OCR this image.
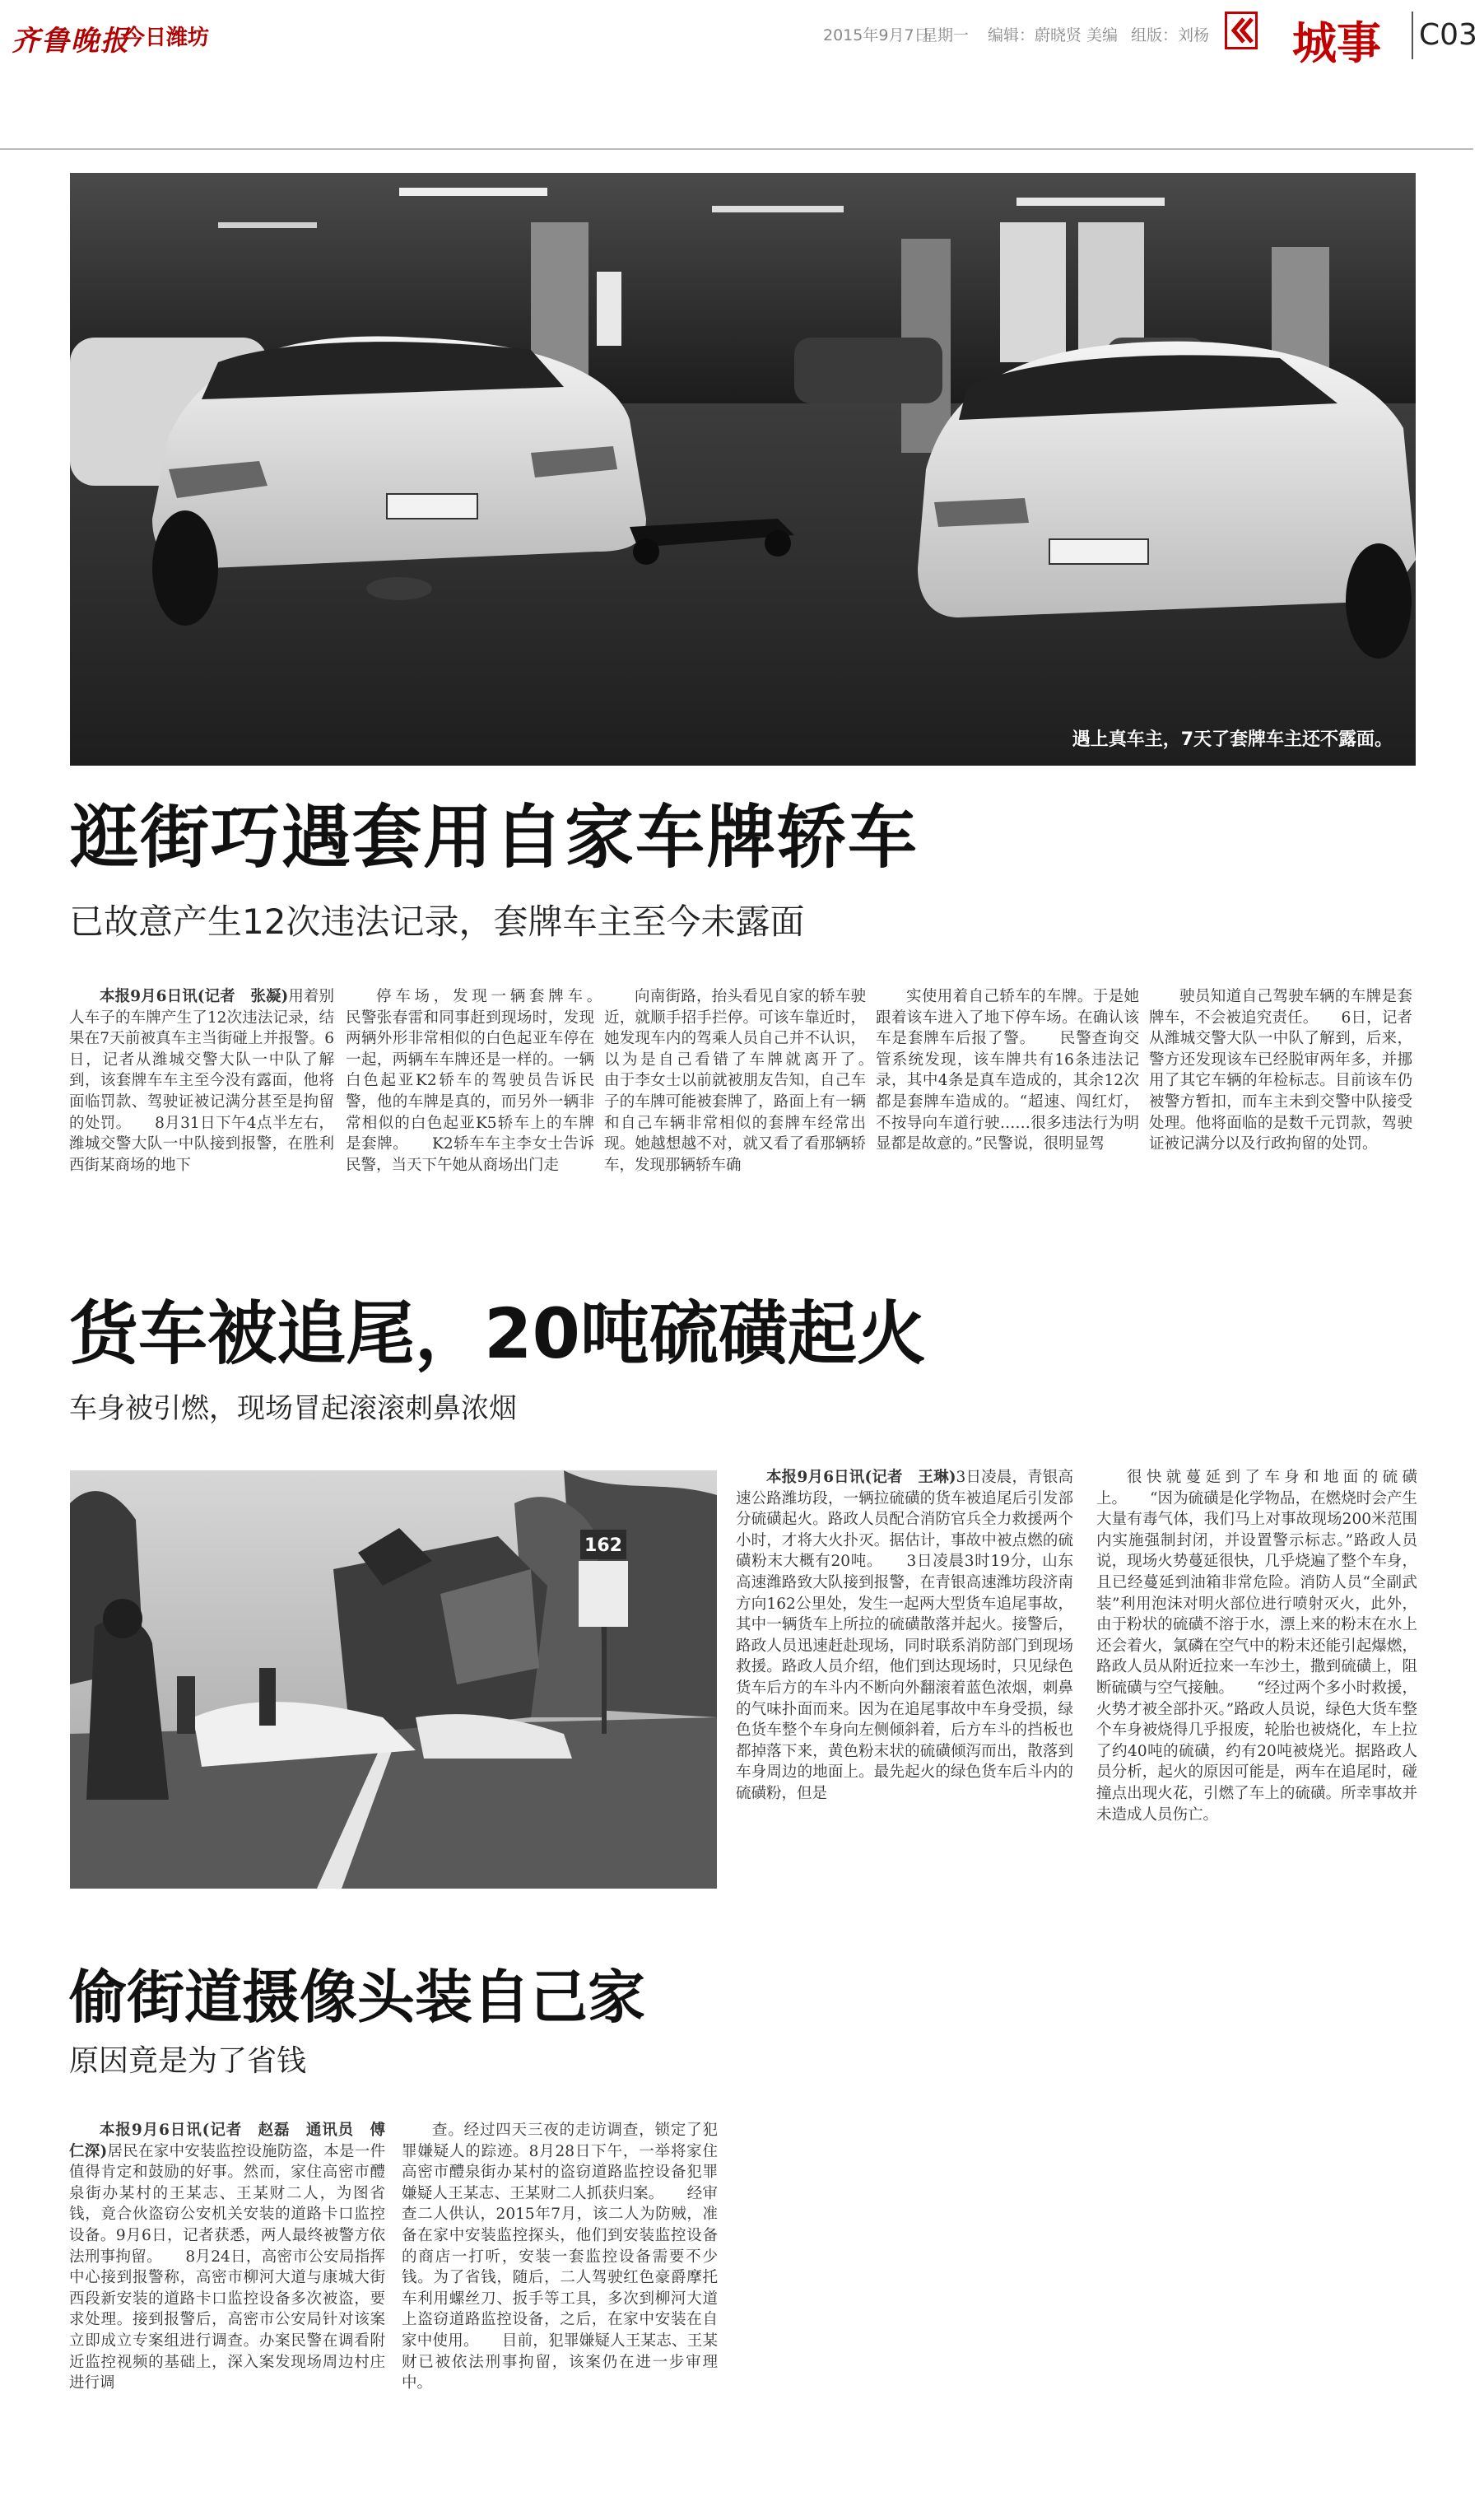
齐鲁晚报
今日潍坊	2015年9月7日
星期一 编辑：蔚晓贤 美编 组版：刘杨 城事 C03
遇上真车主，7天了套牌车主还不露面。
逛街巧遇套用自家车牌轿车
已故意产生12次违法记录，套牌车主至今未露面

本报9月6日讯(记者　张凝)用着别人车子的车牌产生了12次违法记录，结果在7天前被真车主当街碰上并报警。6日，记者从潍城交警大队一中队了解到，该套牌车车主至今没有露面，他将面临罚款、驾驶证被记满分甚至是拘留的处罚。　　8月31日下午4点半左右，潍城交警大队一中队接到报警，在胜利西街某商场的地下

停车场，发现一辆套牌车。　　民警张春雷和同事赶到现场时，发现两辆外形非常相似的白色起亚车停在一起，两辆车车牌还是一样的。一辆白色起亚K2轿车的驾驶员告诉民警，他的车牌是真的，而另外一辆非常相似的白色起亚K5轿车上的车牌是套牌。　　K2轿车车主李女士告诉民警，当天下午她从商场出门走

向南街路，抬头看见自家的轿车驶近，就顺手招手拦停。可该车靠近时，她发现车内的驾乘人员自己并不认识，以为是自己看错了车牌就离开了。　　由于李女士以前就被朋友告知，自己车子的车牌可能被套牌了，路面上有一辆和自己车辆非常相似的套牌车经常出现。她越想越不对，就又看了看那辆轿车，发现那辆轿车确

实使用着自己轿车的车牌。于是她跟着该车进入了地下停车场。在确认该车是套牌车后报了警。　　民警查询交管系统发现，该车牌共有16条违法记录，其中4条是真车造成的，其余12次都是套牌车造成的。“超速、闯红灯，不按导向车道行驶……很多违法行为明显都是故意的。”民警说，很明显驾

驶员知道自己驾驶车辆的车牌是套牌车，不会被追究责任。　　6日，记者从潍城交警大队一中队了解到，后来，警方还发现该车已经脱审两年多，并挪用了其它车辆的年检标志。目前该车仍被警方暂扣，而车主未到交警中队接受处理。他将面临的是数千元罚款，驾驶证被记满分以及行政拘留的处罚。

货车被追尾，20吨硫磺起火
车身被引燃，现场冒起滚滚刺鼻浓烟
162

本报9月6日讯(记者　王琳)3日凌晨，青银高速公路潍坊段，一辆拉硫磺的货车被追尾后引发部分硫磺起火。路政人员配合消防官兵全力救援两个小时，才将大火扑灭。据估计，事故中被点燃的硫磺粉末大概有20吨。　　3日凌晨3时19分，山东高速潍路致大队接到报警，在青银高速潍坊段济南方向162公里处，发生一起两大型货车追尾事故，其中一辆货车上所拉的硫磺散落并起火。接警后，路政人员迅速赶赴现场，同时联系消防部门到现场救援。路政人员介绍，他们到达现场时，只见绿色货车后方的车斗内不断向外翻滚着蓝色浓烟，刺鼻的气味扑面而来。因为在追尾事故中车身受损，绿色货车整个车身向左侧倾斜着，后方车斗的挡板也都掉落下来，黄色粉末状的硫磺倾泻而出，散落到车身周边的地面上。最先起火的绿色货车后斗内的硫磺粉，但是

很快就蔓延到了车身和地面的硫磺上。　　“因为硫磺是化学物品，在燃烧时会产生大量有毒气体，我们马上对事故现场200米范围内实施强制封闭，并设置警示标志。”路政人员说，现场火势蔓延很快，几乎烧遍了整个车身，且已经蔓延到油箱非常危险。消防人员“全副武装”利用泡沫对明火部位进行喷射灭火，此外，由于粉状的硫磺不溶于水，漂上来的粉末在水上还会着火，氯磷在空气中的粉末还能引起爆燃，路政人员从附近拉来一车沙土，撒到硫磺上，阻断硫磺与空气接触。　　“经过两个多小时救援，火势才被全部扑灭。”路政人员说，绿色大货车整个车身被烧得几乎报废，轮胎也被烧化，车上拉了约40吨的硫磺，约有20吨被烧光。据路政人员分析，起火的原因可能是，两车在追尾时，碰撞点出现火花，引燃了车上的硫磺。所幸事故并未造成人员伤亡。

偷街道摄像头装自己家
原因竟是为了省钱

本报9月6日讯(记者　赵磊　通讯员　傅仁深)居民在家中安装监控设施防盗，本是一件值得肯定和鼓励的好事。然而，家住高密市醴泉街办某村的王某志、王某财二人，为图省钱，竟合伙盗窃公安机关安装的道路卡口监控设备。9月6日，记者获悉，两人最终被警方依法刑事拘留。　　8月24日，高密市公安局指挥中心接到报警称，高密市柳河大道与康城大街西段新安装的道路卡口监控设备多次被盗，要求处理。接到报警后，高密市公安局针对该案立即成立专案组进行调查。办案民警在调看附近监控视频的基础上，深入案发现场周边村庄进行调

查。经过四天三夜的走访调查，锁定了犯罪嫌疑人的踪迹。8月28日下午，一举将家住高密市醴泉街办某村的盗窃道路监控设备犯罪嫌疑人王某志、王某财二人抓获归案。　　经审查二人供认，2015年7月，该二人为防贼，准备在家中安装监控探头，他们到安装监控设备的商店一打听，安装一套监控设备需要不少钱。为了省钱，随后，二人驾驶红色豪爵摩托车利用螺丝刀、扳手等工具，多次到柳河大道上盗窃道路监控设备，之后，在家中安装在自家中使用。　　目前，犯罪嫌疑人王某志、王某财已被依法刑事拘留，该案仍在进一步审理中。
